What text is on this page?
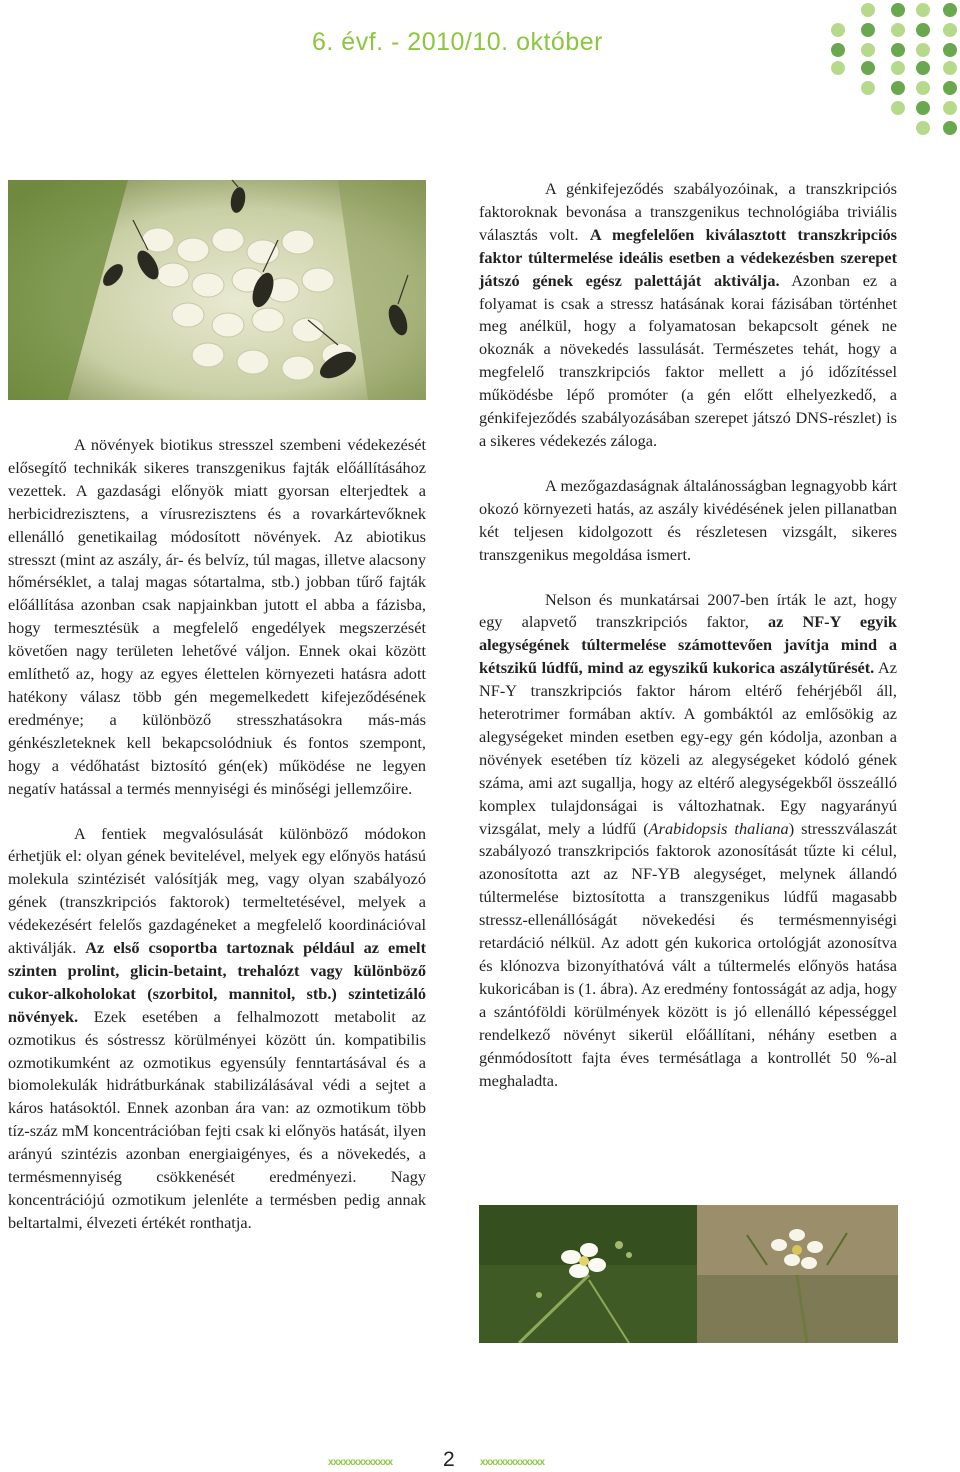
6. évf. - 2010/10. október

A növények biotikus stresszel szembeni védekezését elősegítő technikák sikeres transzgenikus fajták előállításához vezettek. A gazdasági előnyök miatt gyorsan elterjedtek a herbicidrezisztens, a vírusrezisztens és a rovarkártevőknek ellenálló genetikailag módosított növények. Az abiotikus stresszt (mint az aszály, ár- és belvíz, túl magas, illetve alacsony hőmérséklet, a talaj magas sótartalma, stb.) jobban tűrő fajták előállítása azonban csak napjainkban jutott el abba a fázisba, hogy termesztésük a megfelelő engedélyek megszerzését követően nagy területen lehetővé váljon. Ennek okai között említhető az, hogy az egyes élettelen környezeti hatásra adott hatékony válasz több gén megemelkedett kifejeződésének eredménye; a különböző stresszhatásokra más-más génkészleteknek kell bekapcsolódniuk és fontos szempont, hogy a védőhatást biztosító gén(ek) működése ne legyen negatív hatással a termés mennyiségi és minőségi jellemzőire.

A fentiek megvalósulását különböző módokon érhetjük el: olyan gének bevitelével, melyek egy előnyös hatású molekula szintézisét valósítják meg, vagy olyan szabályozó gének (transzkripciós faktorok) termeltetésével, melyek a védekezésért felelős gazdagéneket a megfelelő koordinációval aktiválják. Az első csoportba tartoznak például az emelt szinten prolint, glicin-betaint, trehalózt vagy különböző cukor-alkoholokat (szorbitol, mannitol, stb.) szintetizáló növények. Ezek esetében a felhalmozott metabolit az ozmotikus és sóstressz körülményei között ún. kompatibilis ozmotikumként az ozmotikus egyensúly fenntartásával és a biomolekulák hidrátburkának stabilizálásával védi a sejtet a káros hatásoktól. Ennek azonban ára van: az ozmotikum több tíz-száz mM koncentrációban fejti csak ki előnyös hatását, ilyen arányú szintézis azonban energiaigényes, és a növekedés, a termésmennyiség csökkenését eredményezi. Nagy koncentrációjú ozmotikum jelenléte a termésben pedig annak beltartalmi, élvezeti értékét ronthatja.

A génkifejeződés szabályozóinak, a transzkripciós faktoroknak bevonása a transzgenikus technológiába triviális választás volt. A megfelelően kiválasztott transzkripciós faktor túltermelése ideális esetben a védekezésben szerepet játszó gének egész palettáját aktiválja. Azonban ez a folyamat is csak a stressz hatásának korai fázisában történhet meg anélkül, hogy a folyamatosan bekapcsolt gének ne okoznák a növekedés lassulását. Természetes tehát, hogy a megfelelő transzkripciós faktor mellett a jó időzítéssel működésbe lépő promóter (a gén előtt elhelyezkedő, a génkifejeződés szabályozásában szerepet játszó DNS-részlet) is a sikeres védekezés záloga.

A mezőgazdaságnak általánosságban legnagyobb kárt okozó környezeti hatás, az aszály kivédésének jelen pillanatban két teljesen kidolgozott és részletesen vizsgált, sikeres transzgenikus megoldása ismert.

Nelson és munkatársai 2007-ben írták le azt, hogy egy alapvető transzkripciós faktor, az NF-Y egyik alegységének túltermelése számottevően javítja mind a kétszikű lúdfű, mind az egyszikű kukorica aszálytűrését. Az NF-Y transzkripciós faktor három eltérő fehérjéből áll, heterotrimer formában aktív. A gombáktól az emlősökig az alegységeket minden esetben egy-egy gén kódolja, azonban a növények esetében tíz közeli az alegységeket kódoló gének száma, ami azt sugallja, hogy az eltérő alegységekből összeálló komplex tulajdonságai is változhatnak. Egy nagyarányú vizsgálat, mely a lúdfű (Arabidopsis thaliana) stresszválaszát szabályozó transzkripciós faktorok azonosítását tűzte ki célul, azonosította azt az NF-YB alegységet, melynek állandó túltermelése biztosította a transzgenikus lúdfű magasabb stressz-ellenállóságát növekedési és termésmennyiségi retardáció nélkül. Az adott gén kukorica ortológját azonosítva és klónozva bizonyíthatóvá vált a túltermelés előnyös hatása kukoricában is (1. ábra). Az eredmény fontosságát az adja, hogy a szántóföldi körülmények között is jó ellenálló képességgel rendelkező növényt sikerül előállítani, néhány esetben a génmódosított fajta éves termésátlaga a kontrollét 50 %-al meghaladta.

xxxxxxxxxxxxx 2	xxxxxxxxxxxxx
